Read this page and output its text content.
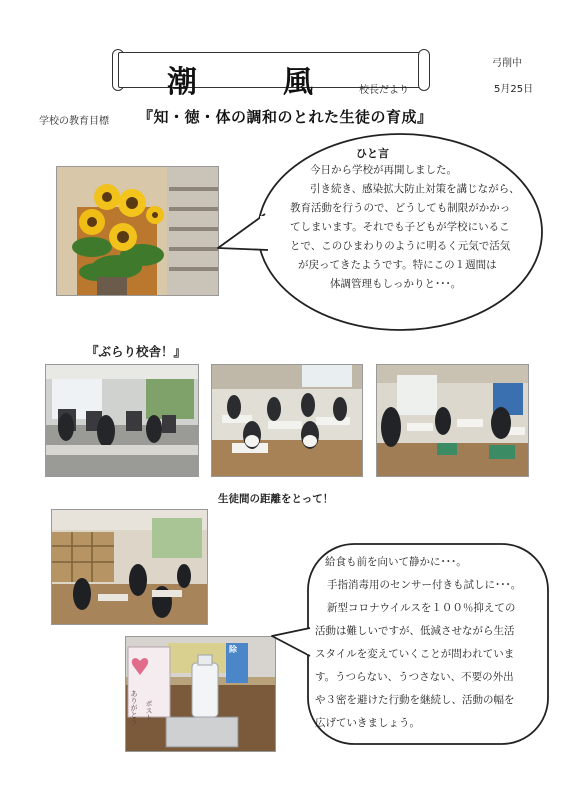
潮　風 校長だより
弓削中
5月25日
学校の教育目標 『知・徳・体の調和のとれた生徒の育成』
ひと言
今日から学校が再開しました。
引き続き、感染拡大防止対策を講じながら、
教育活動を行うので、どうしても制限がかかっ
てしまいます。それでも子どもが学校にいるこ
とで、このひまわりのように明るく元気で活気
が戻ってきたようです。特にこの１週間は
体調管理もしっかりと･･･。
『ぶらり校舎！』
生徒間の距離をとって！
ありがとう ポスト
除
給食も前を向いて静かに･･･。
手指消毒用のセンサー付きも試しに･･･。
新型コロナウイルスを１００％抑えての
活動は難しいですが、低減させながら生活
スタイルを変えていくことが問われていま
す。うつらない、うつさない、不要の外出
や３密を避けた行動を継続し、活動の幅を
広げていきましょう。
